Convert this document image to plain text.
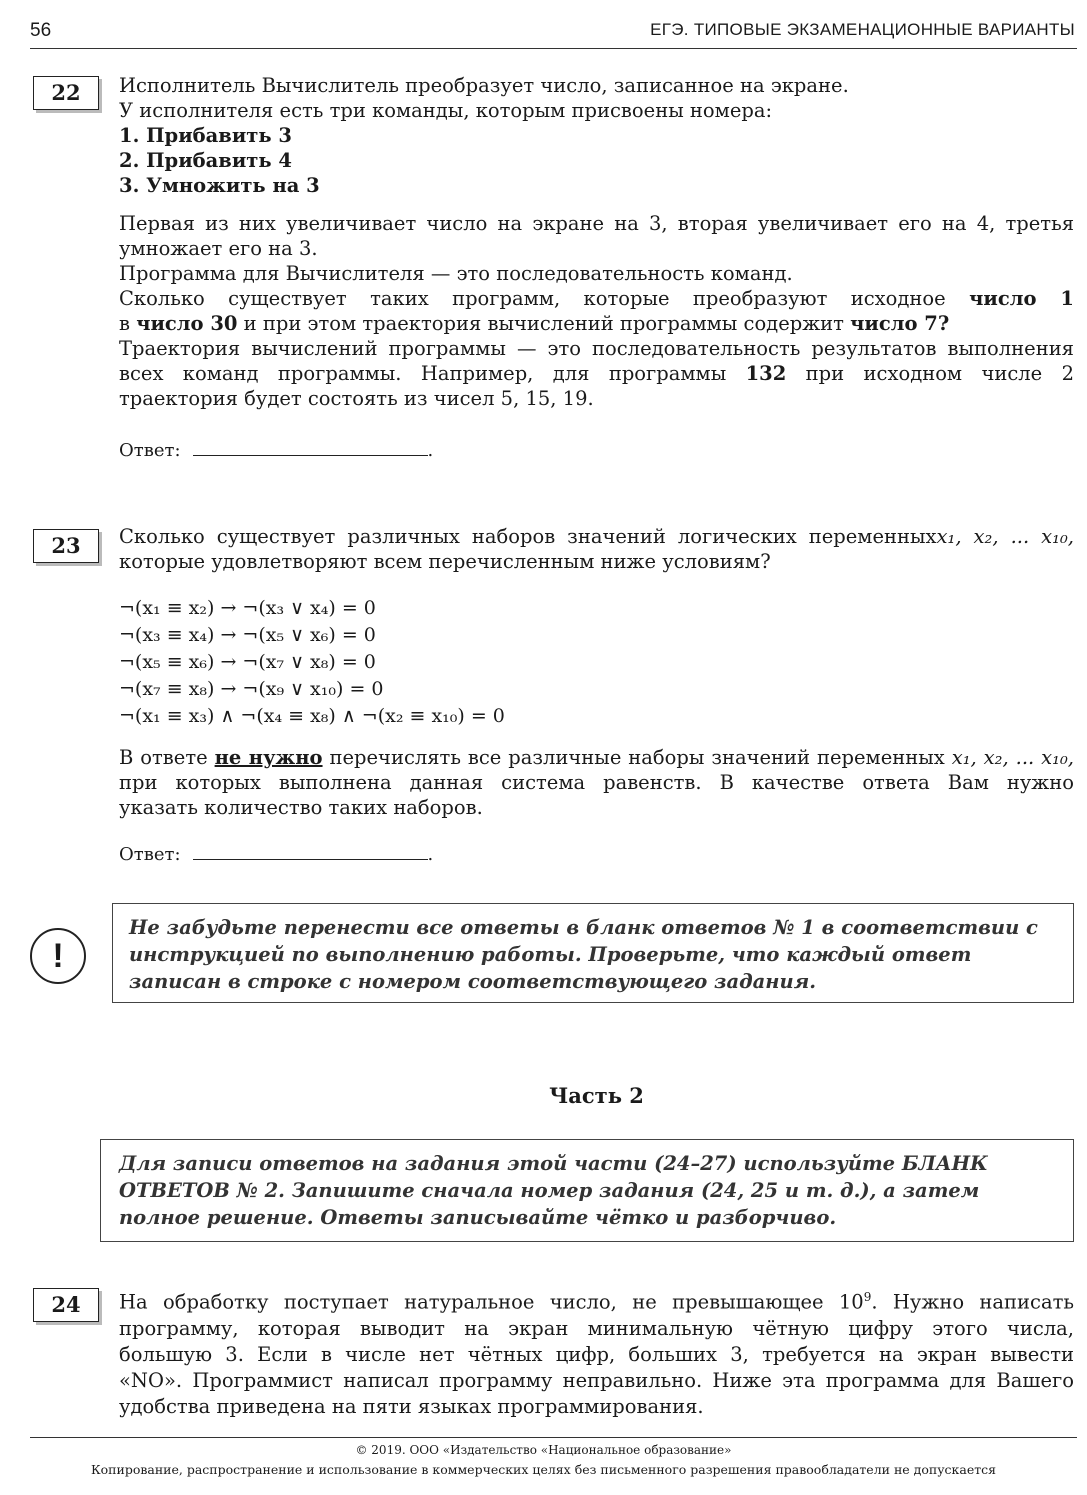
56	ЕГЭ. ТИПОВЫЕ ЭКЗАМЕНАЦИОННЫЕ ВАРИАНТЫ
22	Исполнитель Вычислитель преобразует число, записанное на экране.

У исполнителя есть три команды, которым присвоены номера:

1. Прибавить 3

2. Прибавить 4

3. Умножить на 3

Первая из них увеличивает число на экране на 3, вторая увеличивает его на 4, третья

умножает его на 3.

Программа для Вычислителя — это последовательность команд.

Сколько существует таких программ, которые преобразуют исходное число 1

в число 30 и при этом траектория вычислений программы содержит число 7?

Траектория вычислений программы — это последовательность результатов выполнения

всех команд программы. Например, для программы 132 при исходном числе 2

траектория будет состоять из чисел 5, 15, 19.

Ответ:	.
23	Сколько существует различных наборов значений логических переменныхx₁, x₂, ... x₁₀,

которые удовлетворяют всем перечисленным ниже условиям?

¬(x₁ ≡ x₂) → ¬(x₃ ∨ x₄) = 0

¬(x₃ ≡ x₄) → ¬(x₅ ∨ x₆) = 0

¬(x₅ ≡ x₆) → ¬(x₇ ∨ x₈) = 0

¬(x₇ ≡ x₈) → ¬(x₉ ∨ x₁₀) = 0

¬(x₁ ≡ x₃) ∧ ¬(x₄ ≡ x₈) ∧ ¬(x₂ ≡ x₁₀) = 0

В ответе не нужно перечислять все различные наборы значений переменных x₁, x₂, ... x₁₀,

при которых выполнена данная система равенств. В качестве ответа Вам нужно

указать количество таких наборов.

Ответ:	.
!
Не забудьте перенести все ответы в бланк ответов № 1 в соответствии с инструкцией по выполнению работы. Проверьте, что каждый ответ записан в строке с номером соответствующего задания.
Часть 2
Для записи ответов на задания этой части (24–27) используйте БЛАНК ОТВЕТОВ № 2. Запишите сначала номер задания (24, 25 и т. д.), а затем полное решение. Ответы записывайте чётко и разборчиво.
24	На обработку поступает натуральное число, не превышающее $10^9$. Нужно написать

программу, которая выводит на экран минимальную чётную цифру этого числа,

большую 3. Если в числе нет чётных цифр, больших 3, требуется на экран вывести

«NO». Программист написал программу неправильно. Ниже эта программа для Вашего

удобства приведена на пяти языках программирования.

© 2019. ООО «Издательство «Национальное образование»
Копирование, распространение и использование в коммерческих целях без письменного разрешения правообладатели не допускается
